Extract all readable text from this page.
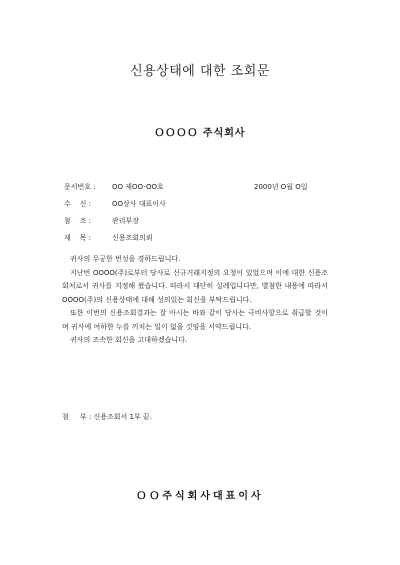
신용상태에 대한 조회문
ＯＯＯＯ 주식회사
문서번호 : OO 제OO-OO호	2000년 O월 O일
수    신 :	OO상사 대표이사
참    조 :	관리부장
제    목 :	신용조회의뢰

귀사의 무궁한 번성을 경하드립니다.

지난번 OOOO(주)로부터 당사로 신규거래지정의 요청이 있었으며 이에 대한 신용조회처로서 귀사를 지정해 왔습니다. 따라서 대단히 실례입니다만, 별첨한 내용에 따라서 OOOO(주)의 신용상태에 대해 성의있는 회신을 부탁드립니다.

또한 이번의 신용조회결과는 잘 아시는 바와 같이 당사는 극비사항으로 취급할 것이며 귀사에 여하한 누를 끼치는 일이 없을 것임을 서약드립니다.

귀사의 조속한 회신을 고대하겠습니다.

첨     부 : 신용조회서 1부 끝.
ＯＯ주식회사대표이사
